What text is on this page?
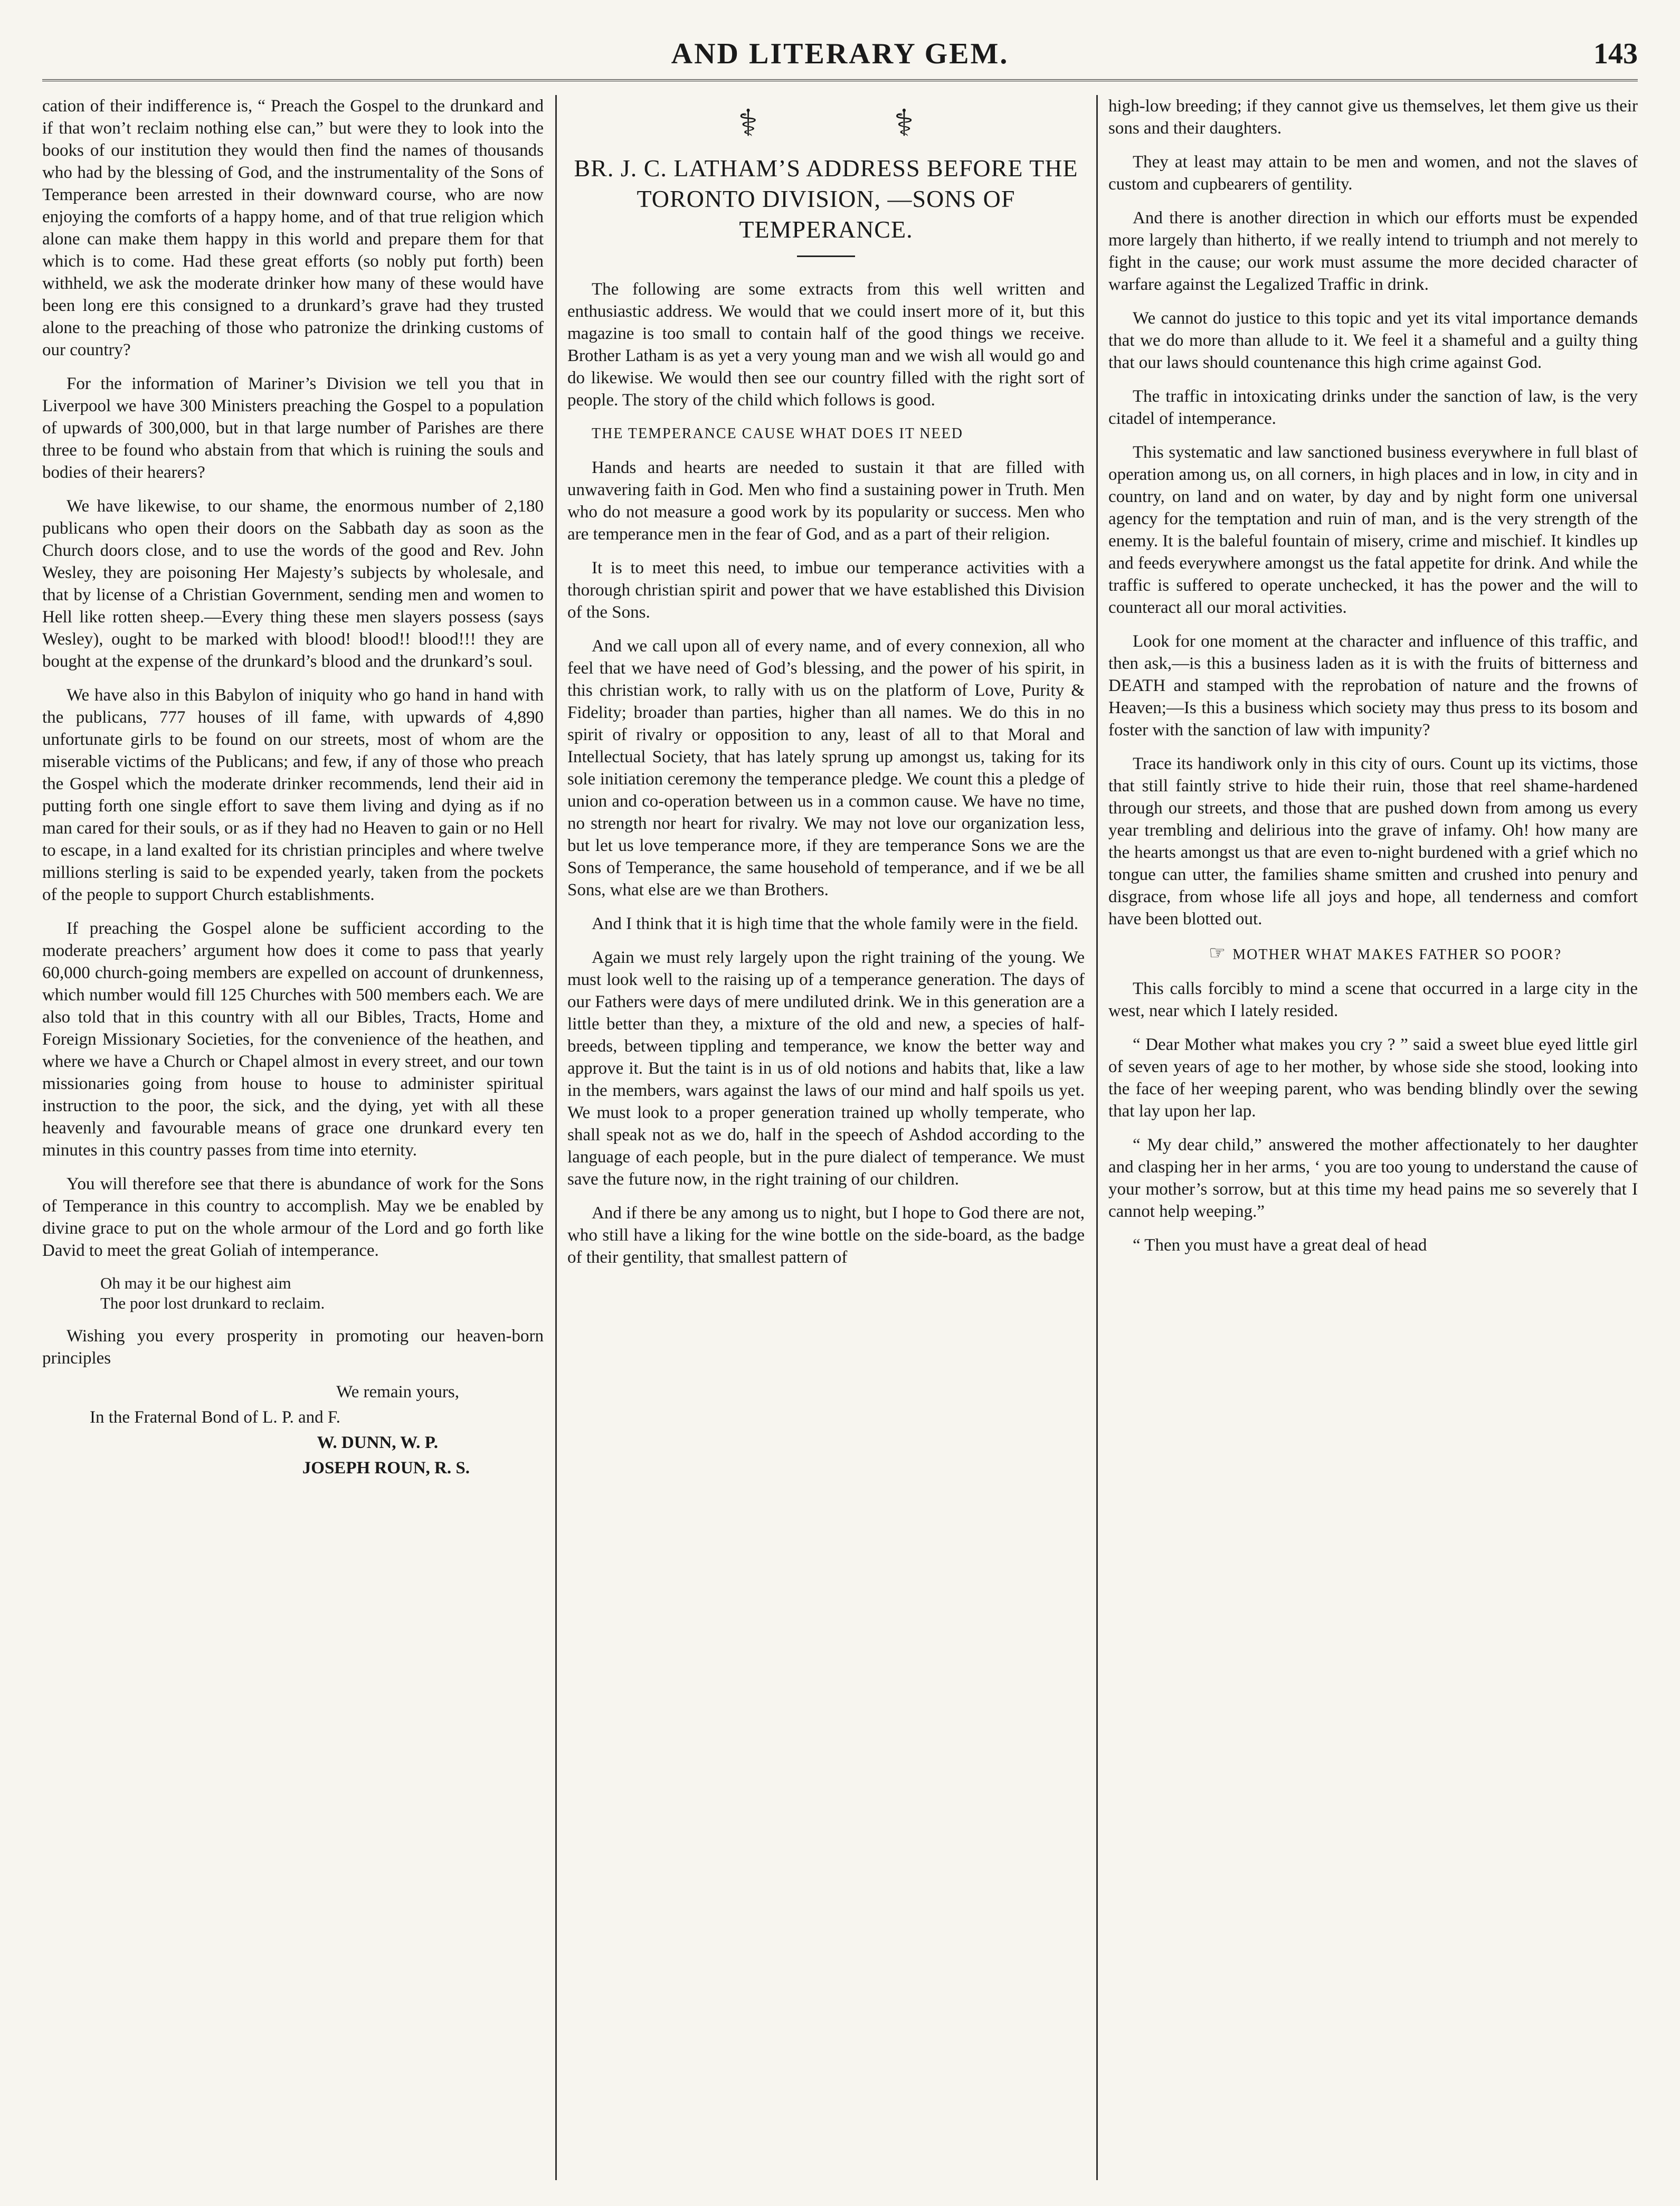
AND LITERARY GEM.	143

cation of their indifference is, “ Preach the Gospel to the drunkard and if that won’t reclaim nothing else can,” but were they to look into the books of our institution they would then find the names of thousands who had by the blessing of God, and the instrumentality of the Sons of Temperance been arrested in their downward course, who are now enjoying the comforts of a happy home, and of that true religion which alone can make them happy in this world and prepare them for that which is to come. Had these great efforts (so nobly put forth) been withheld, we ask the moderate drinker how many of these would have been long ere this consigned to a drunkard’s grave had they trusted alone to the preaching of those who patronize the drinking customs of our country?

For the information of Mariner’s Division we tell you that in Liverpool we have 300 Ministers preaching the Gospel to a population of upwards of 300,000, but in that large number of Parishes are there three to be found who abstain from that which is ruining the souls and bodies of their hearers?

We have likewise, to our shame, the enormous number of 2,180 publicans who open their doors on the Sabbath day as soon as the Church doors close, and to use the words of the good and Rev. John Wesley, they are poisoning Her Majesty’s subjects by wholesale, and that by license of a Christian Government, sending men and women to Hell like rotten sheep.—Every thing these men slayers possess (says Wesley), ought to be marked with blood! blood!! blood!!! they are bought at the expense of the drunkard’s blood and the drunkard’s soul.

We have also in this Babylon of iniquity who go hand in hand with the publicans, 777 houses of ill fame, with upwards of 4,890 unfortunate girls to be found on our streets, most of whom are the miserable victims of the Publicans; and few, if any of those who preach the Gospel which the moderate drinker recommends, lend their aid in putting forth one single effort to save them living and dying as if no man cared for their souls, or as if they had no Heaven to gain or no Hell to escape, in a land exalted for its christian principles and where twelve millions sterling is said to be expended yearly, taken from the pockets of the people to support Church establishments.

If preaching the Gospel alone be sufficient according to the moderate preachers’ argument how does it come to pass that yearly 60,000 church-going members are expelled on account of drunkenness, which number would fill 125 Churches with 500 members each. We are also told that in this country with all our Bibles, Tracts, Home and Foreign Missionary Societies, for the convenience of the heathen, and where we have a Church or Chapel almost in every street, and our town missionaries going from house to house to administer spiritual instruction to the poor, the sick, and the dying, yet with all these heavenly and favourable means of grace one drunkard every ten minutes in this country passes from time into eternity.

You will therefore see that there is abundance of work for the Sons of Temperance in this country to accomplish. May we be enabled by divine grace to put on the whole armour of the Lord and go forth like David to meet the great Goliah of intemperance.

Oh may it be our highest aim
The poor lost drunkard to reclaim.

Wishing you every prosperity in promoting our heaven-born principles

We remain yours,
In the Fraternal Bond of L. P. and F.
W. DUNN, W. P.
JOSEPH ROUN, R. S.
⚕ ⚕
BR. J. C. LATHAM’S ADDRESS BEFORE THE TORONTO DIVISION, —SONS OF TEMPERANCE.

The following are some extracts from this well written and enthusiastic address. We would that we could insert more of it, but this magazine is too small to contain half of the good things we receive. Brother Latham is as yet a very young man and we wish all would go and do likewise. We would then see our country filled with the right sort of people. The story of the child which follows is good.

THE TEMPERANCE CAUSE WHAT DOES IT NEED

Hands and hearts are needed to sustain it that are filled with unwavering faith in God. Men who find a sustaining power in Truth. Men who do not measure a good work by its popularity or success. Men who are temperance men in the fear of God, and as a part of their religion.

It is to meet this need, to imbue our temperance activities with a thorough christian spirit and power that we have established this Division of the Sons.

And we call upon all of every name, and of every connexion, all who feel that we have need of God’s blessing, and the power of his spirit, in this christian work, to rally with us on the platform of Love, Purity & Fidelity; broader than parties, higher than all names. We do this in no spirit of rivalry or opposition to any, least of all to that Moral and Intellectual Society, that has lately sprung up amongst us, taking for its sole initiation ceremony the temperance pledge. We count this a pledge of union and co-operation between us in a common cause. We have no time, no strength nor heart for rivalry. We may not love our organization less, but let us love temperance more, if they are temperance Sons we are the Sons of Temperance, the same household of temperance, and if we be all Sons, what else are we than Brothers.

And I think that it is high time that the whole family were in the field.

Again we must rely largely upon the right training of the young. We must look well to the raising up of a temperance generation. The days of our Fathers were days of mere undiluted drink. We in this generation are a little better than they, a mixture of the old and new, a species of half-breeds, between tippling and temperance, we know the better way and approve it. But the taint is in us of old notions and habits that, like a law in the members, wars against the laws of our mind and half spoils us yet. We must look to a proper generation trained up wholly temperate, who shall speak not as we do, half in the speech of Ashdod according to the language of each people, but in the pure dialect of temperance. We must save the future now, in the right training of our children.

And if there be any among us to night, but I hope to God there are not, who still have a liking for the wine bottle on the side-board, as the badge of their gentility, that smallest pattern of

high-low breeding; if they cannot give us themselves, let them give us their sons and their daughters.

They at least may attain to be men and women, and not the slaves of custom and cupbearers of gentility.

And there is another direction in which our efforts must be expended more largely than hitherto, if we really intend to triumph and not merely to fight in the cause; our work must assume the more decided character of warfare against the Legalized Traffic in drink.

We cannot do justice to this topic and yet its vital importance demands that we do more than allude to it. We feel it a shameful and a guilty thing that our laws should countenance this high crime against God.

The traffic in intoxicating drinks under the sanction of law, is the very citadel of intemperance.

This systematic and law sanctioned business everywhere in full blast of operation among us, on all corners, in high places and in low, in city and in country, on land and on water, by day and by night form one universal agency for the temptation and ruin of man, and is the very strength of the enemy. It is the baleful fountain of misery, crime and mischief. It kindles up and feeds everywhere amongst us the fatal appetite for drink. And while the traffic is suffered to operate unchecked, it has the power and the will to counteract all our moral activities.

Look for one moment at the character and influence of this traffic, and then ask,—is this a business laden as it is with the fruits of bitterness and DEATH and stamped with the reprobation of nature and the frowns of Heaven;—Is this a business which society may thus press to its bosom and foster with the sanction of law with impunity?

Trace its handiwork only in this city of ours. Count up its victims, those that still faintly strive to hide their ruin, those that reel shame-hardened through our streets, and those that are pushed down from among us every year trembling and delirious into the grave of infamy. Oh! how many are the hearts amongst us that are even to-night burdened with a grief which no tongue can utter, the families shame smitten and crushed into penury and disgrace, from whose life all joys and hope, all tenderness and comfort have been blotted out.

☞ MOTHER WHAT MAKES FATHER SO POOR?

This calls forcibly to mind a scene that occurred in a large city in the west, near which I lately resided.

“ Dear Mother what makes you cry ? ” said a sweet blue eyed little girl of seven years of age to her mother, by whose side she stood, looking into the face of her weeping parent, who was bending blindly over the sewing that lay upon her lap.

“ My dear child,” answered the mother affectionately to her daughter and clasping her in her arms, ‘ you are too young to understand the cause of your mother’s sorrow, but at this time my head pains me so severely that I cannot help weeping.”

“ Then you must have a great deal of head
